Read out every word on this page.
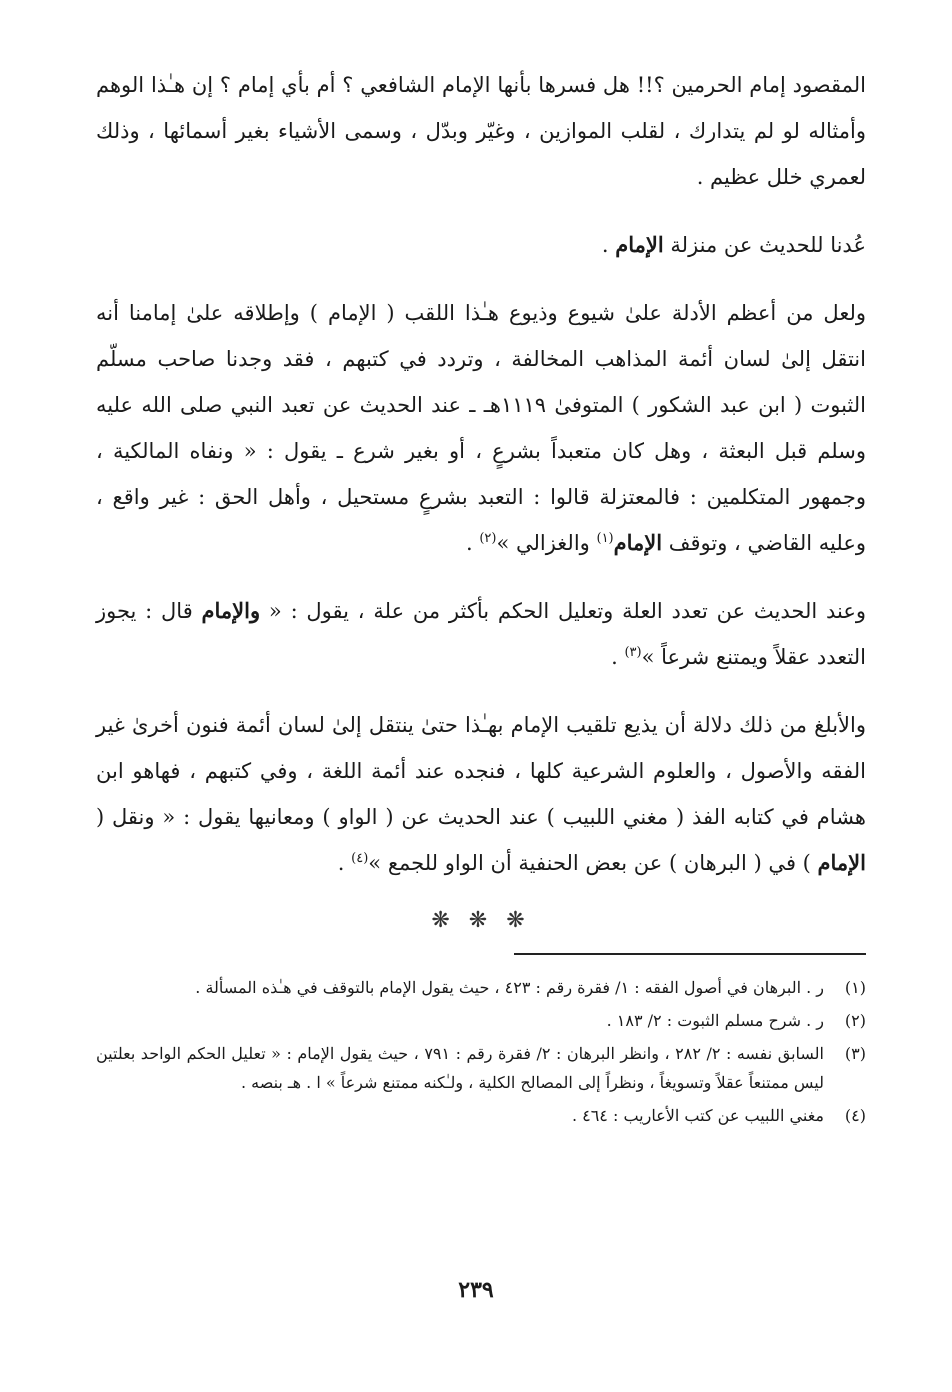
المقصود إمام الحرمين ؟!! هل فسرها بأنها الإمام الشافعي ؟ أم بأي إمام ؟ إن هـٰذا الوهم وأمثاله لو لم يتدارك ، لقلب الموازين ، وغيّر وبدّل ، وسمى الأشياء بغير أسمائها ، وذلك لعمري خلل عظيم .

عُدنا للحديث عن منزلة الإمام .

ولعل من أعظم الأدلة علىٰ شيوع وذيوع هـٰذا اللقب ( الإمام ) وإطلاقه علىٰ إمامنا أنه انتقل إلىٰ لسان أئمة المذاهب المخالفة ، وتردد في كتبهم ، فقد وجدنا صاحب مسلّم الثبوت ( ابن عبد الشكور ) المتوفىٰ ١١١٩هـ ـ عند الحديث عن تعبد النبي صلى الله عليه وسلم قبل البعثة ، وهل كان متعبداً بشرعٍ ، أو بغير شرع ـ يقول : « ونفاه المالكية ، وجمهور المتكلمين : فالمعتزلة قالوا : التعبد بشرعٍ مستحيل ، وأهل الحق : غير واقع ، وعليه القاضي ، وتوقف الإمام$^{(١)}$ والغزالي »$^{(٢)}$ .

وعند الحديث عن تعدد العلة وتعليل الحكم بأكثر من علة ، يقول : « والإمام قال : يجوز التعدد عقلاً ويمتنع شرعاً »$^{(٣)}$ .

والأبلغ من ذلك دلالة أن يذيع تلقيب الإمام بهـٰذا حتىٰ ينتقل إلىٰ لسان أئمة فنون أخرىٰ غير الفقه والأصول ، والعلوم الشرعية كلها ، فنجده عند أئمة اللغة ، وفي كتبهم ، فهاهو ابن هشام في كتابه الفذ ( مغني اللبيب ) عند الحديث عن ( الواو ) ومعانيها يقول : « ونقل ( الإمام ) في ( البرهان ) عن بعض الحنفية أن الواو للجمع »$^{(٤)}$ .

❋ ❋ ❋
(١)
ر . البرهان في أصول الفقه : ١/ فقرة رقم : ٤٢٣ ، حيث يقول الإمام بالتوقف في هـٰذه المسألة .
(٢)
ر . شرح مسلم الثبوت : ٢/ ١٨٣ .
(٣)
السابق نفسه : ٢/ ٢٨٢ ، وانظر البرهان : ٢/ فقرة رقم : ٧٩١ ، حيث يقول الإمام : « تعليل الحكم الواحد بعلتين ليس ممتنعاً عقلاً وتسويغاً ، ونظراً إلى المصالح الكلية ، ولـٰكنه ممتنع شرعاً » ا . هـ بنصه .
(٤)
مغني اللبيب عن كتب الأعاريب : ٤٦٤ .
٢٣٩
